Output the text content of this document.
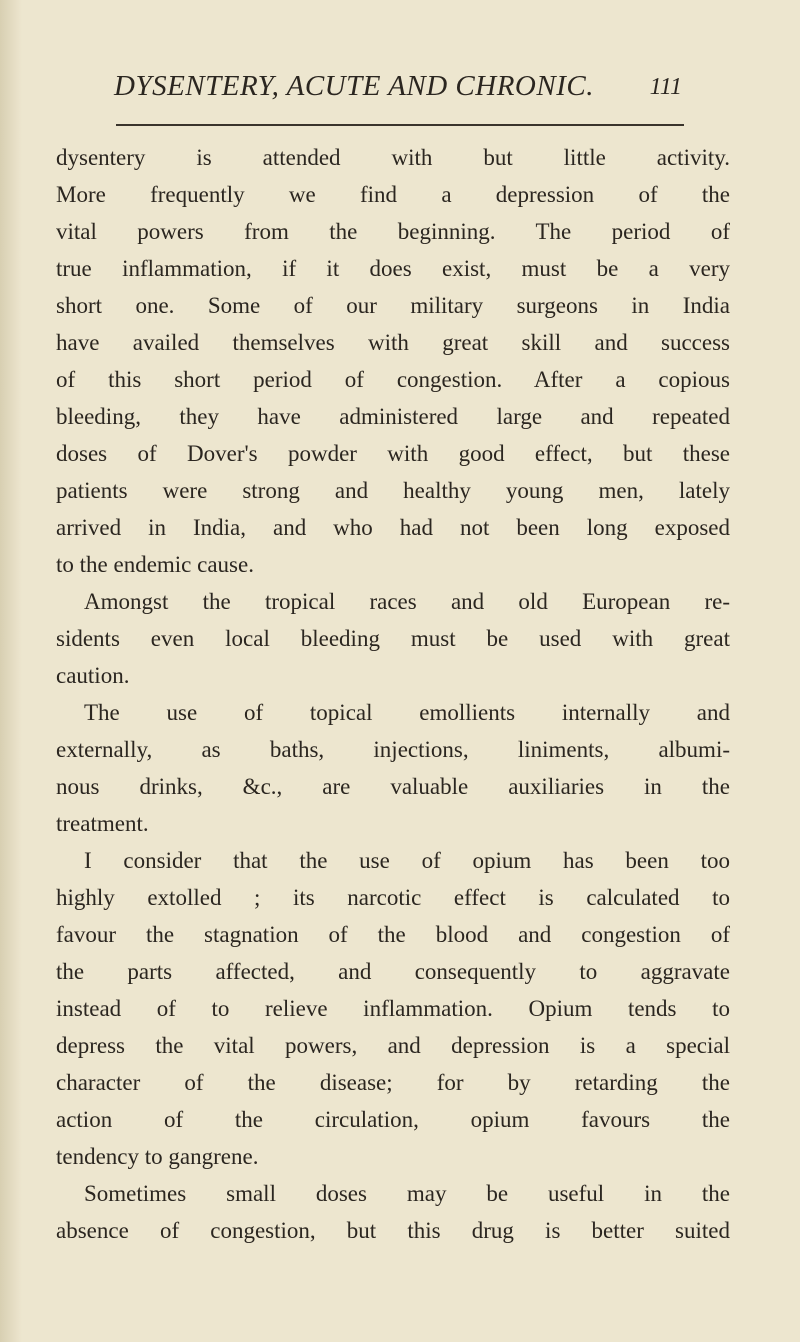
DYSENTERY, ACUTE AND CHRONIC. 111
dysentery is attended with but little activity.
More frequently we find a depression of the
vital powers from the beginning. The period of
true inflammation, if it does exist, must be a very
short one. Some of our military surgeons in India
have availed themselves with great skill and success
of this short period of congestion. After a copious
bleeding, they have administered large and repeated
doses of Dover's powder with good effect, but these
patients were strong and healthy young men, lately
arrived in India, and who had not been long exposed
to the endemic cause.
Amongst the tropical races and old European re-
sidents even local bleeding must be used with great
caution.
The use of topical emollients internally and
externally, as baths, injections, liniments, albumi-
nous drinks, &c., are valuable auxiliaries in the
treatment.
I consider that the use of opium has been too
highly extolled ; its narcotic effect is calculated to
favour the stagnation of the blood and congestion of
the parts affected, and consequently to aggravate
instead of to relieve inflammation. Opium tends to
depress the vital powers, and depression is a special
character of the disease; for by retarding the
action of the circulation, opium favours the
tendency to gangrene.
Sometimes small doses may be useful in the
absence of congestion, but this drug is better suited
